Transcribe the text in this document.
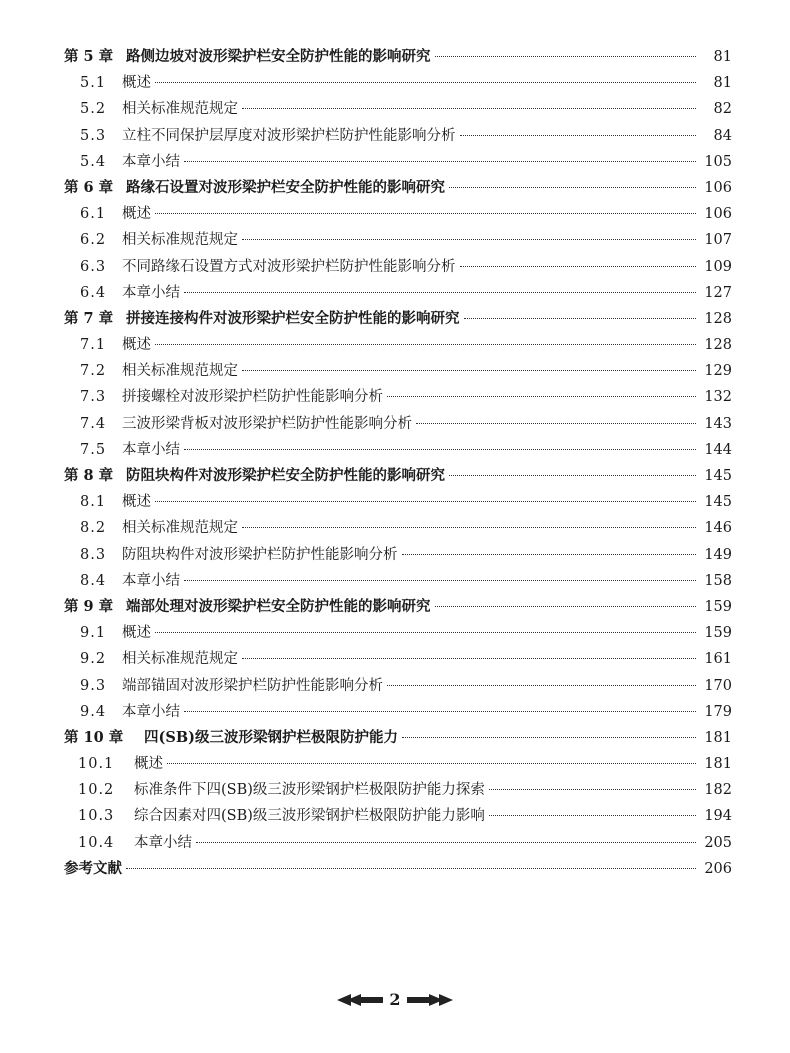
第 5 章 路侧边坡对波形梁护栏安全防护性能的影响研究	81
5.1	概述	81
5.2	相关标准规范规定	82
5.3	立柱不同保护层厚度对波形梁护栏防护性能影响分析	84
5.4	本章小结	105
第 6 章 路缘石设置对波形梁护栏安全防护性能的影响研究	106
6.1	概述	106
6.2	相关标准规范规定	107
6.3	不同路缘石设置方式对波形梁护栏防护性能影响分析	109
6.4	本章小结	127
第 7 章 拼接连接构件对波形梁护栏安全防护性能的影响研究	128
7.1	概述	128
7.2	相关标准规范规定	129
7.3	拼接螺栓对波形梁护栏防护性能影响分析	132
7.4	三波形梁背板对波形梁护栏防护性能影响分析	143
7.5	本章小结	144
第 8 章 防阻块构件对波形梁护栏安全防护性能的影响研究	145
8.1	概述	145
8.2	相关标准规范规定	146
8.3	防阻块构件对波形梁护栏防护性能影响分析	149
8.4	本章小结	158
第 9 章 端部处理对波形梁护栏安全防护性能的影响研究	159
9.1	概述	159
9.2	相关标准规范规定	161
9.3	端部锚固对波形梁护栏防护性能影响分析	170
9.4	本章小结	179
第 10 章	四(SB)级三波形梁钢护栏极限防护能力	181
10.1	概述	181
10.2	标准条件下四(SB)级三波形梁钢护栏极限防护能力探索	182
10.3	综合因素对四(SB)级三波形梁钢护栏极限防护能力影响	194
10.4	本章小结	205
参考文献	206
2
